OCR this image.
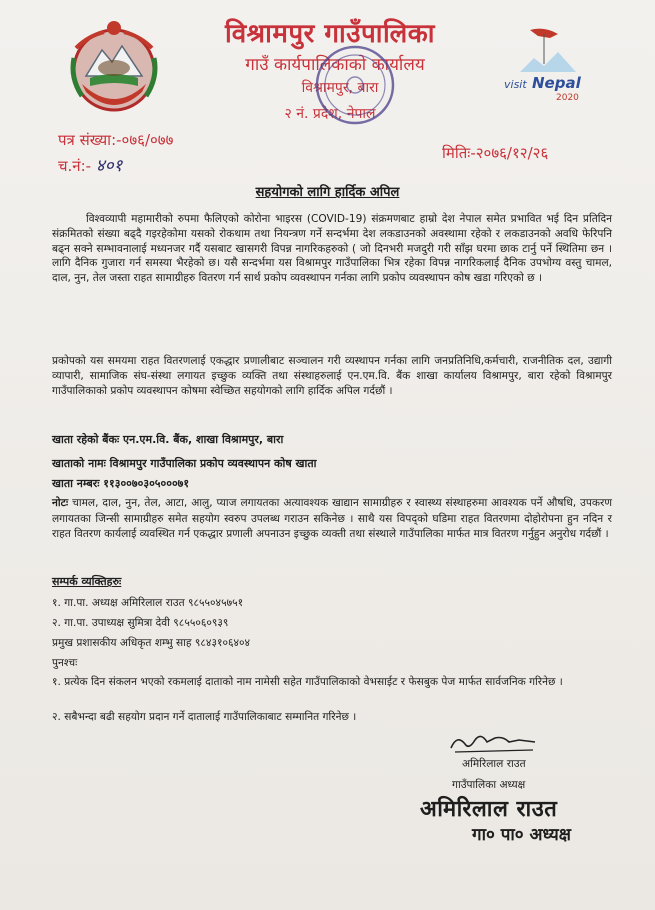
विश्रामपुर गाउँपालिका
गाउँ कार्यपालिकाको कार्यालय
विश्रामपुर, बारा
२ नं. प्रदेश, नेपाल
visit Nepal
2020
पत्र संख्या:-०७६/०७७
च.नं:- ४०१
मितिः-२०७६/१२/२६
सहयोगको लागि हार्दिक अपिल
विश्वव्यापी महामारीको रुपमा फैलिएको कोरोना भाइरस (COVID-19) संक्रमणबाट हाम्रो देश नेपाल समेत प्रभावित भई दिन प्रतिदिन संक्रमितको संख्या बढ्दै गइरहेकोमा यसको रोकथाम तथा नियन्त्रण गर्ने सन्दर्भमा देश लकडाउनको अवस्थामा रहेको र लकडाउनको अवधि फेरिपनि बढ्न सक्ने सम्भावनालाई मध्यनजर गर्दै यसबाट खासगरी विपन्न नागरिकहरुको ( जो दिनभरी मजदुरी गरी साँझ घरमा छाक टार्नु पर्ने स्थितिमा छन । लागि दैनिक गुजारा गर्न समस्या भैरहेको छ। यसै सन्दर्भमा यस विश्रामपुर गाउँपालिका भित्र रहेका विपन्न नागरिकलाई दैनिक उपभोग्य वस्तु चामल, दाल, नुन, तेल जस्ता राहत सामाग्रीहरु वितरण गर्न सार्थ प्रकोप व्यवस्थापन गर्नका लागि प्रकोप व्यवस्थापन कोष खडा गरिएको छ ।
प्रकोपको यस समयमा राहत वितरणलाई एकद्धार प्रणालीबाट सञ्चालन गरी व्यस्थापन गर्नका लागि जनप्रतिनिधि,कर्मचारी, राजनीतिक दल, उद्यागी व्यापारी, सामाजिक संघ-संस्था लगायत इच्छुक व्यक्ति तथा संस्थाहरुलाई एन.एम.वि. बैंक शाखा कार्यालय विश्रामपुर, बारा रहेको विश्रामपुर गाउँपालिकाको प्रकोप व्यवस्थापन कोषमा स्वेच्छित सहयोगको लागि हार्दिक अपिल गर्दछौं ।
खाता रहेको बैंकः एन.एम.वि. बैंक, शाखा विश्रामपुर, बारा
खाताको नामः विश्रामपुर गाउँपालिका प्रकोप व्यवस्थापन कोष खाता
खाता नम्बरः ११३००७०३०५०००७१
नोटः चामल, दाल, नुन, तेल, आटा, आलु, प्याज लगायतका अत्यावश्यक खाद्यान सामाग्रीहरु र स्वास्थ्य संस्थाहरुमा आवश्यक पर्ने औषधि, उपकरण लगायतका जिन्सी सामाग्रीहरु समेत सहयोग स्वरुप उपलब्ध गराउन सकिनेछ । साथै यस विपद्को घडिमा राहत वितरणमा दोहोरोपना हुन नदिन र राहत वितरण कार्यलाई व्यवस्थित गर्न एकद्धार प्रणाली अपनाउन इच्छुक व्यक्ती तथा संस्थाले गाउँपालिका मार्फत मात्र वितरण गर्नुहुन अनुरोध गर्दछौं ।
सम्पर्क व्यक्तिहरुः
१. गा.पा. अध्यक्ष अमिरिलाल राउत ९८५५०४५७५१
२. गा.पा. उपाध्यक्ष सुमित्रा देवी ९८५५०६०९३९
प्रमुख प्रशासकीय अधिकृत शम्भु साह ९८४३१०६४०४
पुनश्चः
१. प्रत्येक दिन संकलन भएको रकमलाई दाताको नाम नामेसी सहेत गाउँपालिकाको वेभसाईट र फेसबुक पेज मार्फत सार्वजनिक गरिनेछ ।
२. सबैभन्दा बढी सहयोग प्रदान गर्ने दातालाई गाउँपालिकाबाट सम्मानित गरिनेछ ।
अमिरिलाल राउत
गाउँपालिका अध्यक्ष
अमिरिलाल राउत
गा० पा० अध्यक्ष
